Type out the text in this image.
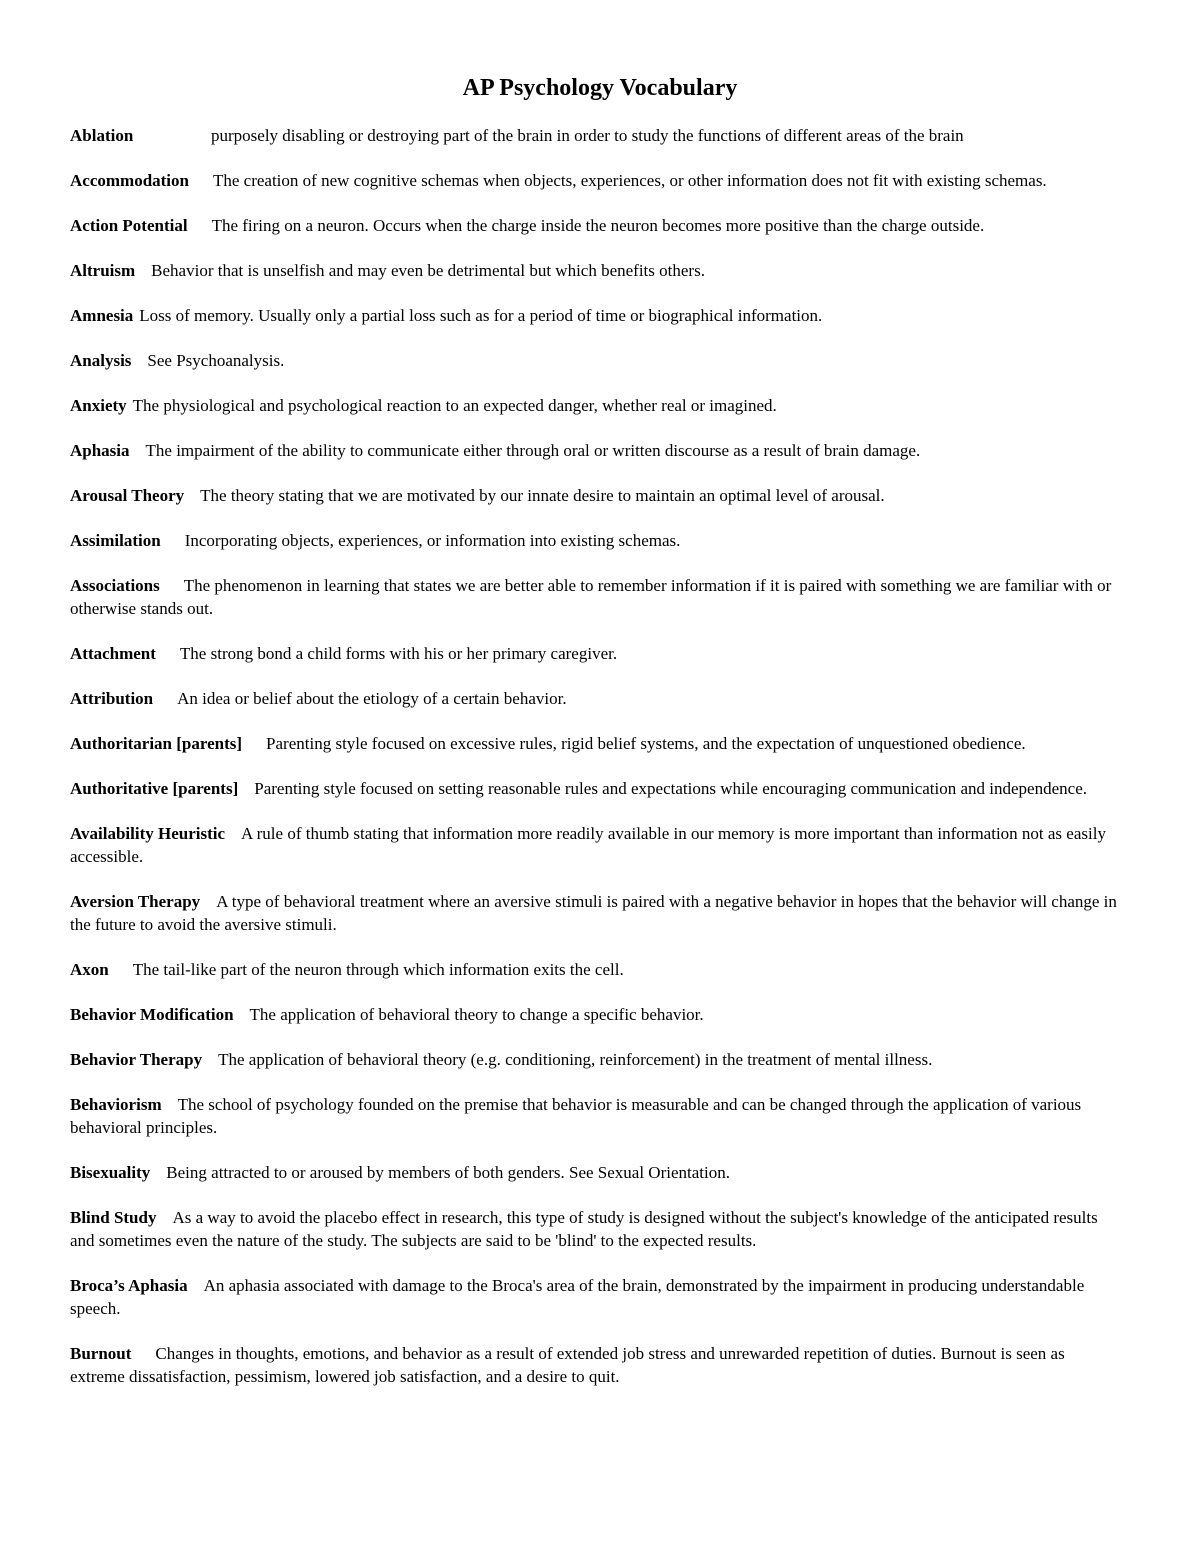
AP Psychology Vocabulary

Ablation	purposely disabling or destroying part of the brain in order to study the functions of different areas of the brain

Accommodation The creation of new cognitive schemas when objects, experiences, or other information does not fit with existing schemas.

Action Potential The firing on a neuron. Occurs when the charge inside the neuron becomes more positive than the charge outside.

Altruism Behavior that is unselfish and may even be detrimental but which benefits others.

Amnesia Loss of memory. Usually only a partial loss such as for a period of time or biographical information.

Analysis See Psychoanalysis.

Anxiety The physiological and psychological reaction to an expected danger, whether real or imagined.

Aphasia The impairment of the ability to communicate either through oral or written discourse as a result of brain damage.

Arousal Theory The theory stating that we are motivated by our innate desire to maintain an optimal level of arousal.

Assimilation Incorporating objects, experiences, or information into existing schemas.

Associations The phenomenon in learning that states we are better able to remember information if it is paired with something we are familiar with or otherwise stands out.

Attachment The strong bond a child forms with his or her primary caregiver.

Attribution An idea or belief about the etiology of a certain behavior.

Authoritarian [parents] Parenting style focused on excessive rules, rigid belief systems, and the expectation of unquestioned obedience.

Authoritative [parents] Parenting style focused on setting reasonable rules and expectations while encouraging communication and independence.

Availability Heuristic A rule of thumb stating that information more readily available in our memory is more important than information not as easily accessible.

Aversion Therapy A type of behavioral treatment where an aversive stimuli is paired with a negative behavior in hopes that the behavior will change in the future to avoid the aversive stimuli.

Axon The tail-like part of the neuron through which information exits the cell.

Behavior Modification The application of behavioral theory to change a specific behavior.

Behavior Therapy The application of behavioral theory (e.g. conditioning, reinforcement) in the treatment of mental illness.

Behaviorism The school of psychology founded on the premise that behavior is measurable and can be changed through the application of various behavioral principles.

Bisexuality Being attracted to or aroused by members of both genders. See Sexual Orientation.

Blind Study As a way to avoid the placebo effect in research, this type of study is designed without the subject's knowledge of the anticipated results and sometimes even the nature of the study. The subjects are said to be 'blind' to the expected results.

Broca’s Aphasia An aphasia associated with damage to the Broca's area of the brain, demonstrated by the impairment in producing understandable speech.

Burnout Changes in thoughts, emotions, and behavior as a result of extended job stress and unrewarded repetition of duties. Burnout is seen as extreme dissatisfaction, pessimism, lowered job satisfaction, and a desire to quit.
